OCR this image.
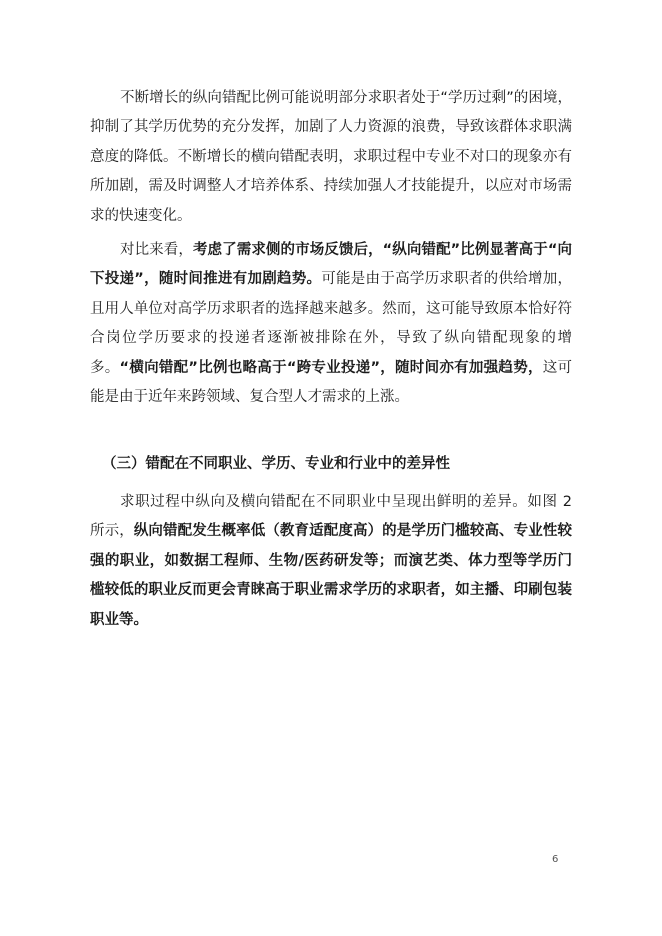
不断增长的纵向错配比例可能说明部分求职者处于“学历过剩”的困境，抑制了其学历优势的充分发挥，加剧了人力资源的浪费，导致该群体求职满意度的降低。不断增长的横向错配表明，求职过程中专业不对口的现象亦有所加剧，需及时调整人才培养体系、持续加强人才技能提升，以应对市场需求的快速变化。

对比来看，考虑了需求侧的市场反馈后，“纵向错配”比例显著高于“向下投递”，随时间推进有加剧趋势。可能是由于高学历求职者的供给增加，且用人单位对高学历求职者的选择越来越多。然而，这可能导致原本恰好符合岗位学历要求的投递者逐渐被排除在外，导致了纵向错配现象的增多。“横向错配”比例也略高于“跨专业投递”，随时间亦有加强趋势，这可能是由于近年来跨领域、复合型人才需求的上涨。

（三）错配在不同职业、学历、专业和行业中的差异性

求职过程中纵向及横向错配在不同职业中呈现出鲜明的差异。如图 2 所示，纵向错配发生概率低（教育适配度高）的是学历门槛较高、专业性较强的职业，如数据工程师、生物/医药研发等；而演艺类、体力型等学历门槛较低的职业反而更会青睐高于职业需求学历的求职者，如主播、印刷包装职业等。

6
